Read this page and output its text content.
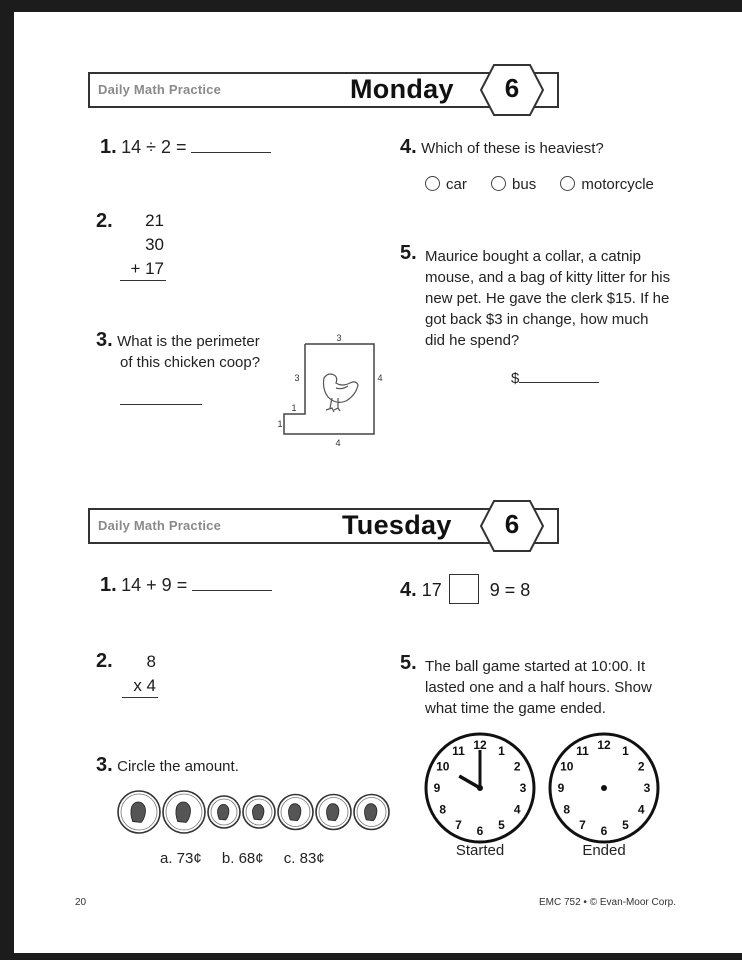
Daily Math Practice	Monday	6
1. 14 ÷ 2 =
2.	21
30
+ 17
3. What is the perimeter
of this chicken coop?
3
3	4
1
1
4
4. Which of these is heaviest?
car	bus	motorcycle
5. Maurice bought a collar, a catnip
mouse, and a bag of kitty litter for his
new pet. He gave the clerk $15. If he
got back $3 in change, how much
did he spend?
$
Daily Math Practice	Tuesday	6
1. 14 + 9 =
2.	8
x 4
3. Circle the amount.
a. 73¢ b. 68¢ c. 83¢
4. 17	9 = 8
5. The ball game started at 10:00. It
lasted one and a half hours. Show
what time the game ended.
12 1
2
3
4
5
6
7
8
9
10
11
Started
12 1
2
3
4
5
6
7
8
9
10
11
Ended
20	EMC 752 • © Evan-Moor Corp.
